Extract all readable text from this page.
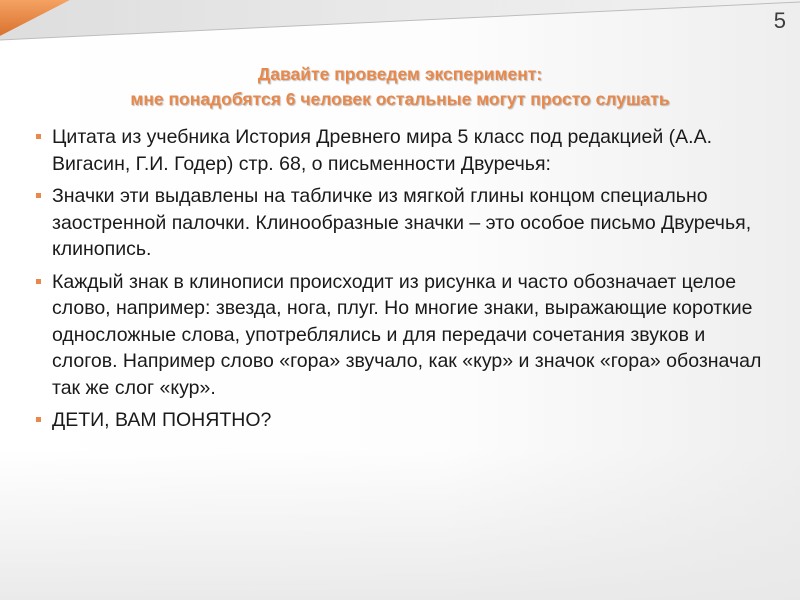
5
Давайте проведем эксперимент:
мне понадобятся 6 человек остальные могут просто слушать
Цитата из учебника История Древнего мира 5 класс под редакцией (А.А. Вигасин, Г.И. Годер) стр. 68, о письменности Двуречья:
Значки эти выдавлены на табличке из мягкой глины концом специально заостренной палочки. Клинообразные значки – это особое письмо Двуречья, клинопись.
Каждый знак в клинописи происходит из рисунка и часто обозначает целое слово, например: звезда, нога, плуг. Но многие знаки, выражающие короткие односложные слова, употреблялись и для передачи сочетания звуков и слогов. Например слово «гора» звучало, как «кур» и значок «гора» обозначал так же слог «кур».
ДЕТИ, ВАМ ПОНЯТНО?
